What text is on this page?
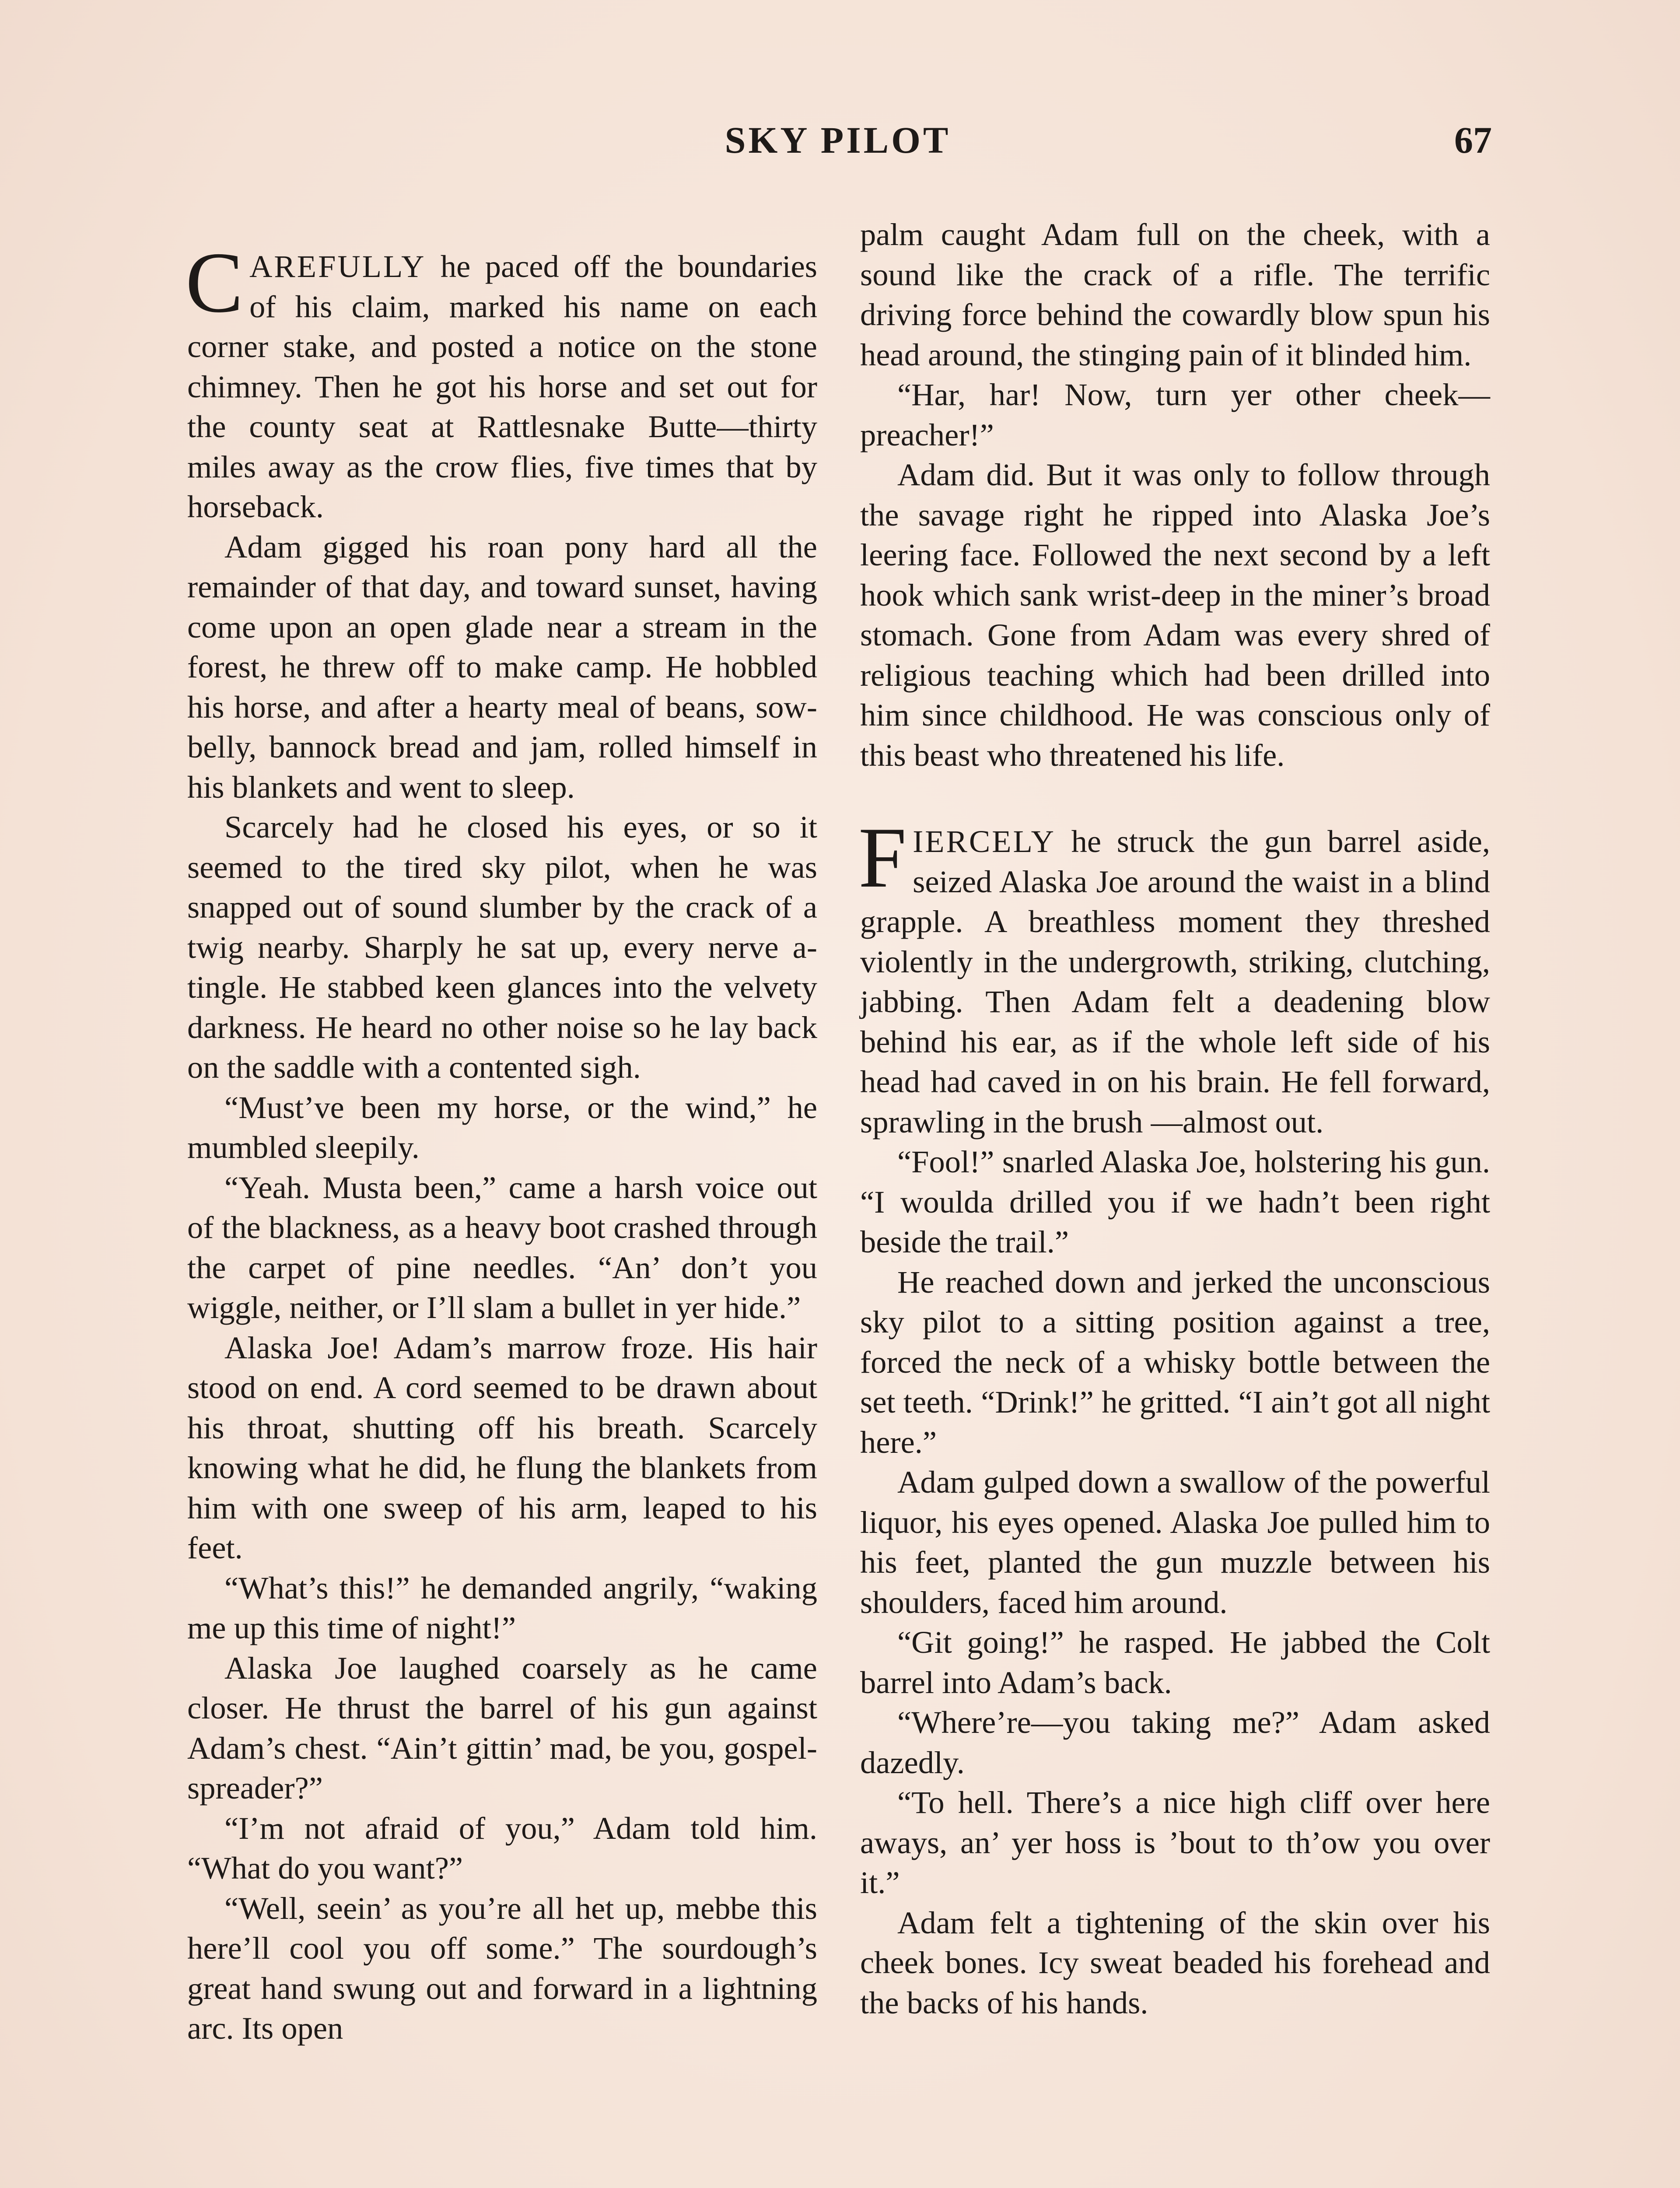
SKY PILOT	67

CAREFULLY he paced off the boundaries of his claim, marked his name on each corner stake, and posted a notice on the stone chimney. Then he got his horse and set out for the county seat at Rattlesnake Butte—thirty miles away as the crow flies, five times that by horseback.

Adam gigged his roan pony hard all the remainder of that day, and toward sunset, having come upon an open glade near a stream in the forest, he threw off to make camp. He hobbled his horse, and after a hearty meal of beans, sow-belly, bannock bread and jam, rolled himself in his blankets and went to sleep.

Scarcely had he closed his eyes, or so it seemed to the tired sky pilot, when he was snapped out of sound slumber by the crack of a twig nearby. Sharply he sat up, every nerve a-tingle. He stabbed keen glances into the velvety darkness. He heard no other noise so he lay back on the saddle with a contented sigh.

“Must’ve been my horse, or the wind,” he mumbled sleepily.

“Yeah. Musta been,” came a harsh voice out of the blackness, as a heavy boot crashed through the carpet of pine needles. “An’ don’t you wiggle, neither, or I’ll slam a bullet in yer hide.”

Alaska Joe! Adam’s marrow froze. His hair stood on end. A cord seemed to be drawn about his throat, shutting off his breath. Scarcely knowing what he did, he flung the blankets from him with one sweep of his arm, leaped to his feet.

“What’s this!” he demanded angrily, “waking me up this time of night!”

Alaska Joe laughed coarsely as he came closer. He thrust the barrel of his gun against Adam’s chest. “Ain’t gittin’ mad, be you, gospel-spreader?”

“I’m not afraid of you,” Adam told him. “What do you want?”

“Well, seein’ as you’re all het up, mebbe this here’ll cool you off some.” The sourdough’s great hand swung out and forward in a lightning arc. Its open

palm caught Adam full on the cheek, with a sound like the crack of a rifle. The terrific driving force behind the cowardly blow spun his head around, the stinging pain of it blinded him.

“Har, har! Now, turn yer other cheek—preacher!”

Adam did. But it was only to follow through the savage right he ripped into Alaska Joe’s leering face. Followed the next second by a left hook which sank wrist-deep in the miner’s broad stomach. Gone from Adam was every shred of religious teaching which had been drilled into him since childhood. He was conscious only of this beast who threatened his life.

FIERCELY he struck the gun barrel aside, seized Alaska Joe around the waist in a blind grapple. A breathless moment they threshed violently in the undergrowth, striking, clutching, jabbing. Then Adam felt a deadening blow behind his ear, as if the whole left side of his head had caved in on his brain. He fell forward, sprawling in the brush —almost out.

“Fool!” snarled Alaska Joe, holstering his gun. “I woulda drilled you if we hadn’t been right beside the trail.”

He reached down and jerked the unconscious sky pilot to a sitting position against a tree, forced the neck of a whisky bottle between the set teeth. “Drink!” he gritted. “I ain’t got all night here.”

Adam gulped down a swallow of the powerful liquor, his eyes opened. Alaska Joe pulled him to his feet, planted the gun muzzle between his shoulders, faced him around.

“Git going!” he rasped. He jabbed the Colt barrel into Adam’s back.

“Where’re—you taking me?” Adam asked dazedly.

“To hell. There’s a nice high cliff over here aways, an’ yer hoss is ’bout to th’ow you over it.”

Adam felt a tightening of the skin over his cheek bones. Icy sweat beaded his forehead and the backs of his hands.
